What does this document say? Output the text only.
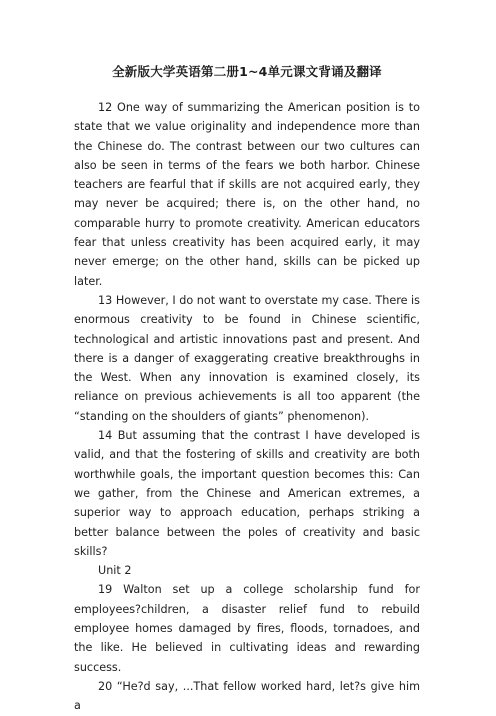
全新版大学英语第二册1~4单元课文背诵及翻译

12 One way of summarizing the American position is to state that we value originality and independence more than the Chinese do. The contrast between our two cultures can also be seen in terms of the fears we both harbor. Chinese teachers are fearful that if skills are not acquired early, they may never be acquired; there is, on the other hand, no comparable hurry to promote creativity. American educators fear that unless creativity has been acquired early, it may never emerge; on the other hand, skills can be picked up later.

13 However, I do not want to overstate my case. There is enormous creativity to be found in Chinese scientific, technological and artistic innovations past and present. And there is a danger of exaggerating creative breakthroughs in the West. When any innovation is examined closely, its reliance on previous achievements is all too apparent (the “standing on the shoulders of giants” phenomenon).

14 But assuming that the contrast I have developed is valid, and that the fostering of skills and creativity are both worthwhile goals, the important question becomes this: Can we gather, from the Chinese and American extremes, a superior way to approach education, perhaps striking a better balance between the poles of creativity and basic skills?

Unit 2

19 Walton set up a college scholarship fund for employees?children, a disaster relief fund to rebuild employee homes damaged by fires, floods, tornadoes, and the like. He believed in cultivating ideas and rewarding success.

20 “He?d say, ...That fellow worked hard, let?s give him a
